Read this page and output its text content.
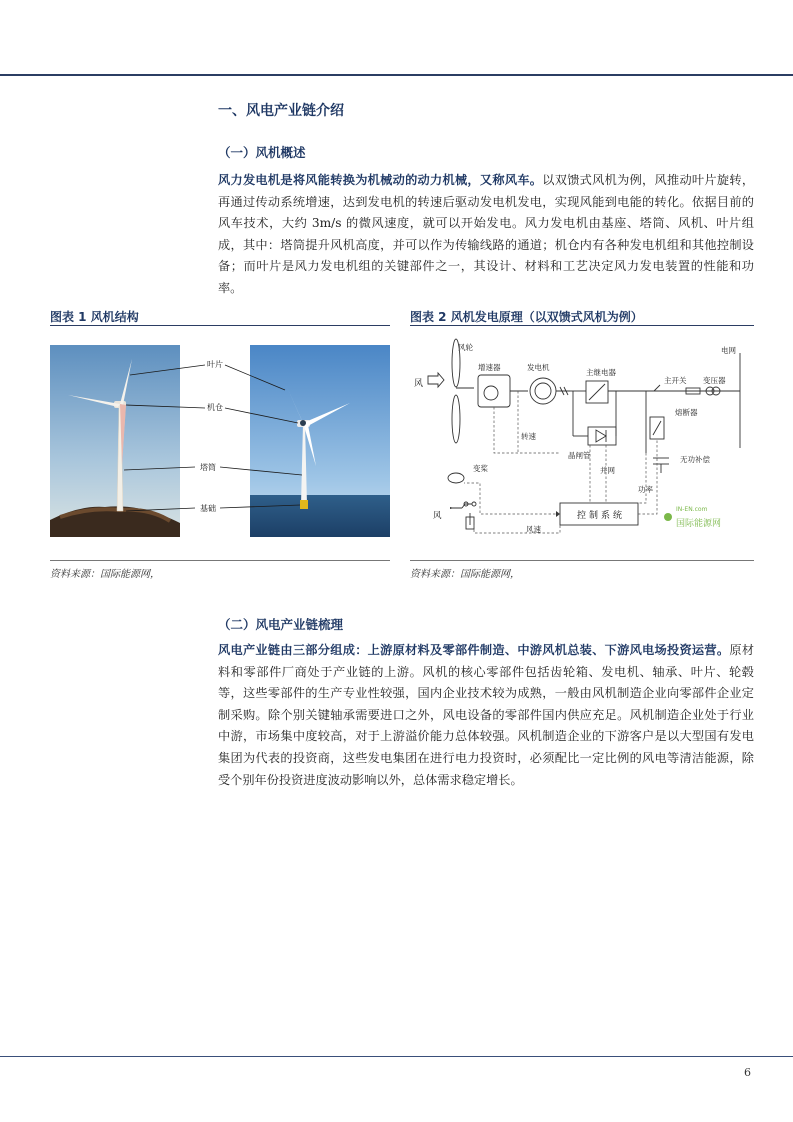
一、风电产业链介绍
（一）风机概述
风力发电机是将风能转换为机械动的动力机械，又称风车。以双馈式风机为例，风推动叶片旋转，再通过传动系统增速，达到发电机的转速后驱动发电机发电，实现风能到电能的转化。依据目前的风车技术，大约 3m/s 的微风速度，就可以开始发电。风力发电机由基座、塔筒、风机、叶片组成，其中：塔筒提升风机高度，并可以作为传输线路的通道；机仓内有各种发电机组和其他控制设备；而叶片是风力发电机组的关键部件之一，其设计、材料和工艺决定风力发电装置的性能和功率。
图表 1 风机结构
叶片
机仓
塔筒
基础
资料来源：国际能源网，
图表 2 风机发电原理（以双馈式风机为例）
风轮
增速器	发电机
主继电器
主开关 变压器
电网
风
转速
晶闸管
并网
熔断器
无功补偿
变桨
风
功率
风速
IN-EN.com
国际能源网
控制系统
资料来源：国际能源网，
（二）风电产业链梳理
风电产业链由三部分组成：上游原材料及零部件制造、中游风机总装、下游风电场投资运营。原材料和零部件厂商处于产业链的上游。风机的核心零部件包括齿轮箱、发电机、轴承、叶片、轮毂等，这些零部件的生产专业性较强，国内企业技术较为成熟，一般由风机制造企业向零部件企业定制采购。除个别关键轴承需要进口之外，风电设备的零部件国内供应充足。风机制造企业处于行业中游，市场集中度较高，对于上游溢价能力总体较强。风机制造企业的下游客户是以大型国有发电集团为代表的投资商，这些发电集团在进行电力投资时，必须配比一定比例的风电等清洁能源，除受个别年份投资进度波动影响以外，总体需求稳定增长。
6
